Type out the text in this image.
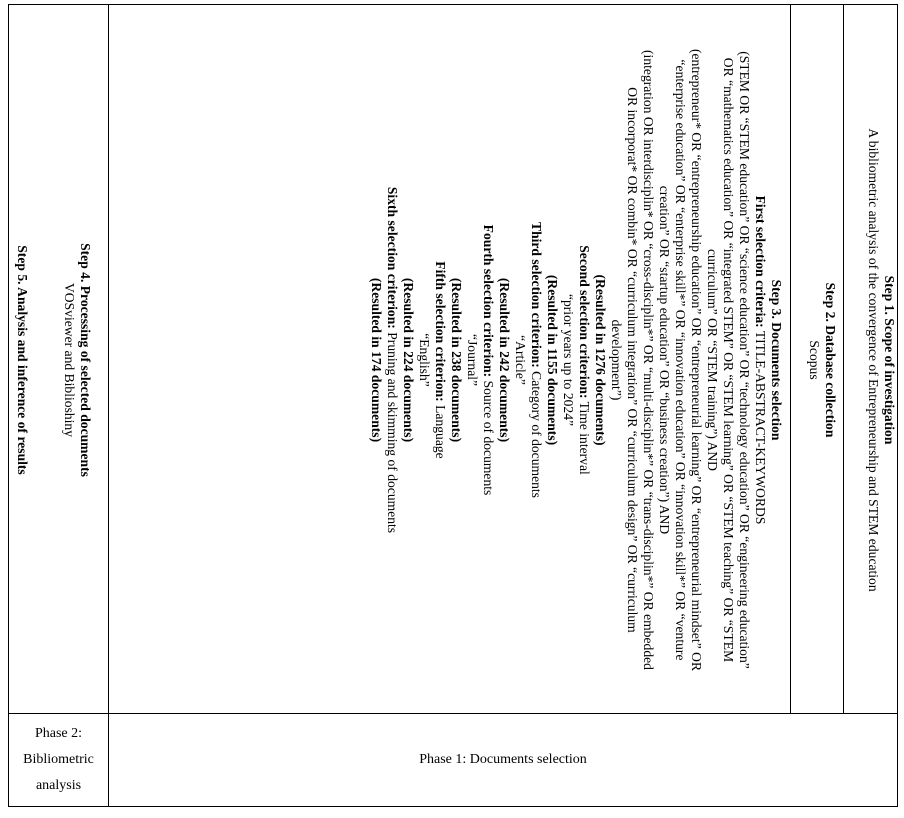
Phase 2:
Bibliometric
analysis
Phase 1: Documents selection

Step 1. Scope of investigation

A bibliometric analysis of the convergence of Entrepreneurship and STEM education

Step 2. Database collection

Scopus

Step 3. Documents selection

First selection criteria: TITLE-ABSTRACT-KEYWORDS

(STEM OR “STEM education” OR “science education” OR “technology education” OR “engineering education”

OR “mathematics education” OR “integrated STEM” OR “STEM learning” OR “STEM teaching” OR “STEM

curriculum” OR “STEM training”) AND

(entrepreneur* OR “entrepreneurship education” OR “entrepreneurial learning” OR “entrepreneurial mindset” OR

“enterprise education” OR “enterprise skill*” OR “innovation education” OR “innovation skill*” OR “venture

creation” OR “startup education” OR “business creation”) AND

(integration OR interdisciplin* OR “cross-disciplin*” OR “multi-disciplin*” OR “trans-disciplin*” OR embedded

OR incorporat* OR combin* OR “curriculum integration” OR “curriculum design” OR “curriculum

development”)

(Resulted in 1276 documents)

Second selection criterion: Time interval

“prior years up to 2024”

(Resulted in 1155 documents)

Third selection criterion: Category of documents

“Article”

(Resulted in 242 documents)

Fourth selection criterion: Source of documents

“Journal”

(Resulted in 238 documents)

Fifth selection criterion: Language

“English”

(Resulted in 224 documents)

Sixth selection criterion: Pruning and skimming of documents

(Resulted in 174 documents)

Step 4. Processing of selected documents

VOSviewer and Biblioshiny

Step 5. Analysis and inference of results
